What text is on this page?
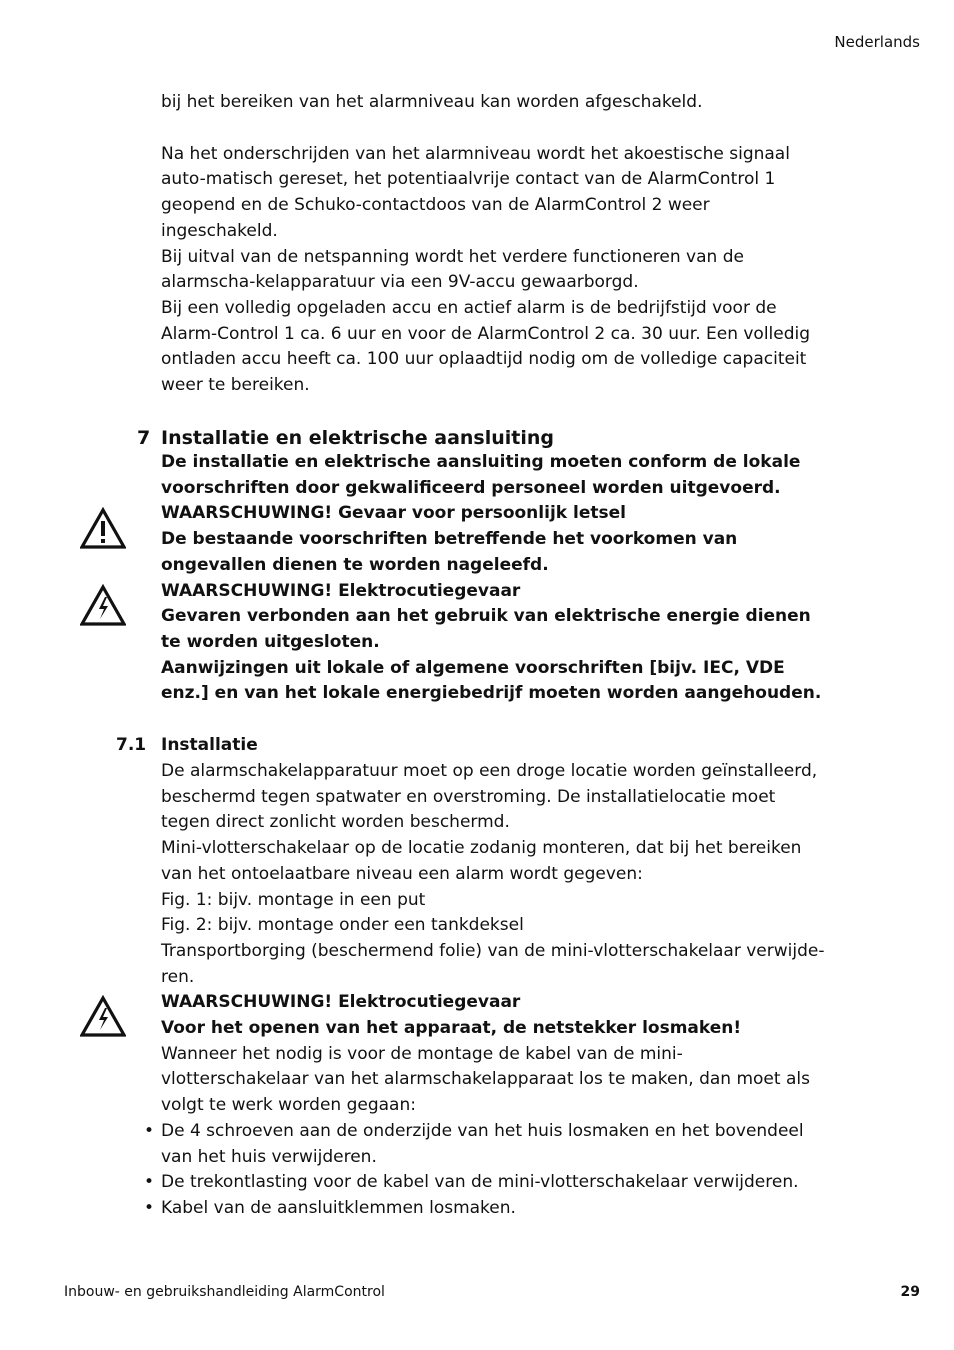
Nederlands

bij het bereiken van het alarmniveau kan worden afgeschakeld.

Na het onderschrijden van het alarmniveau wordt het akoestische signaal auto-matisch gereset, het potentiaalvrije contact van de AlarmControl 1 geopend en de Schuko-contactdoos van de AlarmControl 2 weer ingeschakeld.

Bij uitval van de netspanning wordt het verdere functioneren van de alarmscha-kelapparatuur via een 9V-accu gewaarborgd.

Bij een volledig opgeladen accu en actief alarm is de bedrijfstijd voor de Alarm-Control 1 ca. 6 uur en voor de AlarmControl 2 ca. 30 uur. Een volledig ontladen accu heeft ca. 100 uur oplaadtijd nodig om de volledige capaciteit weer te bereiken.

7 Installatie en elektrische aansluiting

De installatie en elektrische aansluiting moeten conform de lokale voorschriften door gekwalificeerd personeel worden uitgevoerd.

WAARSCHUWING! Gevaar voor persoonlijk letsel

De bestaande voorschriften betreffende het voorkomen van ongevallen dienen te worden nageleefd.

WAARSCHUWING! Elektrocutiegevaar

Gevaren verbonden aan het gebruik van elektrische energie dienen te worden uitgesloten.

Aanwijzingen uit lokale of algemene voorschriften [bijv. IEC, VDE enz.] en van het lokale energiebedrijf moeten worden aangehouden.

7.1 Installatie

De alarmschakelapparatuur moet op een droge locatie worden geïnstalleerd, beschermd tegen spatwater en overstroming. De installatielocatie moet tegen direct zonlicht worden beschermd.

Mini-vlotterschakelaar op de locatie zodanig monteren, dat bij het bereiken van het ontoelaatbare niveau een alarm wordt gegeven:

Fig. 1: bijv. montage in een put

Fig. 2: bijv. montage onder een tankdeksel

Transportborging (beschermend folie) van de mini-vlotterschakelaar verwijde-ren.

WAARSCHUWING! Elektrocutiegevaar

Voor het openen van het apparaat, de netstekker losmaken!

Wanneer het nodig is voor de montage de kabel van de mini-vlotterschakelaar van het alarmschakelapparaat los te maken, dan moet als volgt te werk worden gegaan:

• De 4 schroeven aan de onderzijde van het huis losmaken en het bovendeel van het huis verwijderen.
• De trekontlasting voor de kabel van de mini-vlotterschakelaar verwijderen.
• Kabel van de aansluitklemmen losmaken.
Inbouw- en gebruikshandleiding AlarmControl	29
